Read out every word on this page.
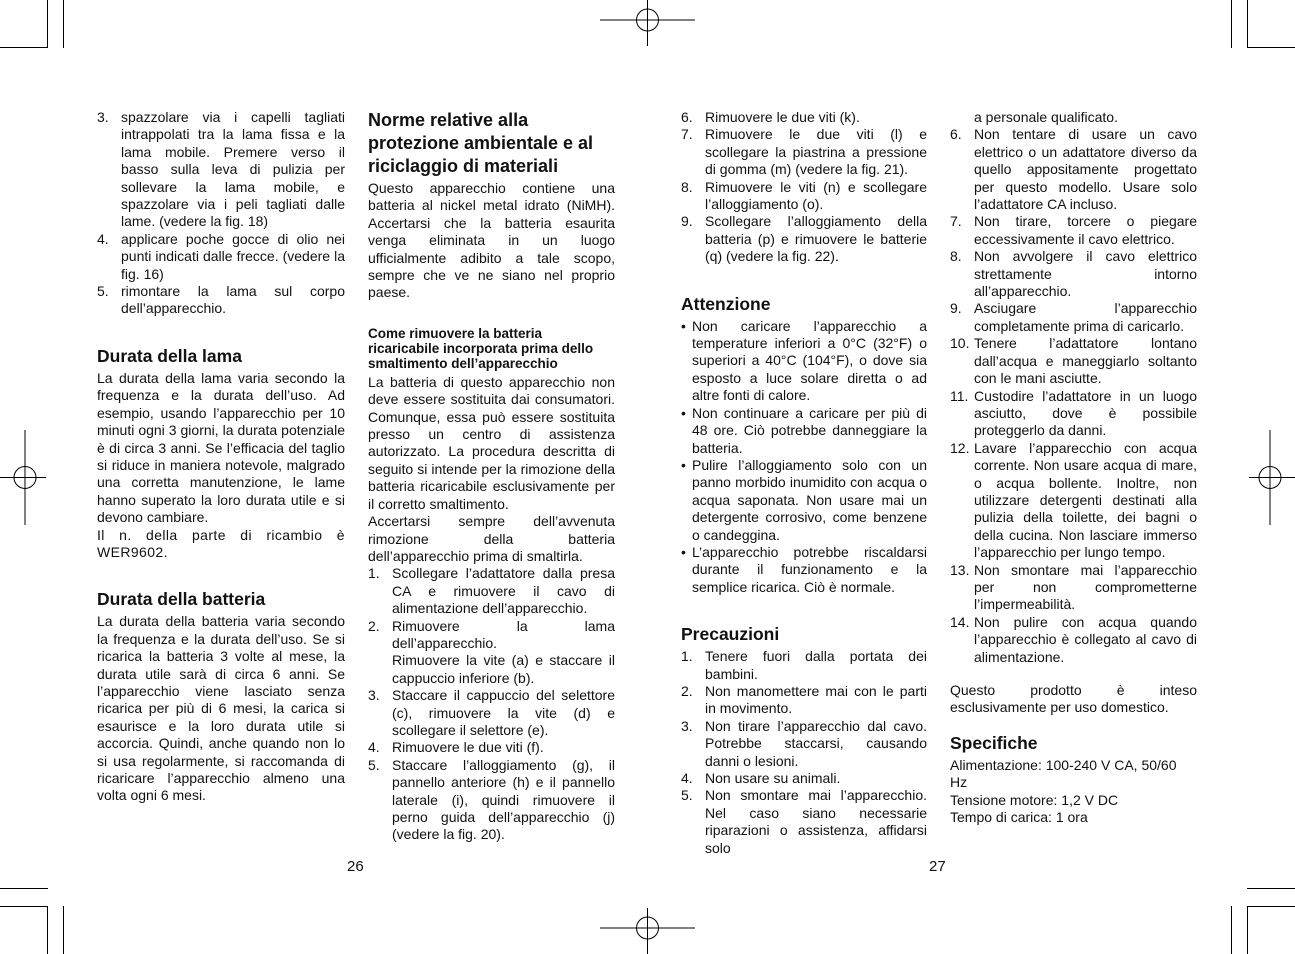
3. spazzolare via i capelli tagliati intrappolati tra la lama fissa e la lama mobile. Premere verso il basso sulla leva di pulizia per sollevare la lama mobile, e spazzolare via i peli tagliati dalle lame. (vedere la fig. 18)
4. applicare poche gocce di olio nei punti indicati dalle frecce. (vedere la fig. 16)
5. rimontare la lama sul corpo dell’apparecchio.
Durata della lama

La durata della lama varia secondo la frequenza e la durata dell’uso. Ad esempio, usando l’apparecchio per 10 minuti ogni 3 giorni, la durata potenziale è di circa 3 anni. Se l’efficacia del taglio si riduce in maniera notevole, malgrado una corretta manutenzione, le lame hanno superato la loro durata utile e si devono cambiare.

Il n. della parte di ricambio è WER9602.

Durata della batteria

La durata della batteria varia secondo la frequenza e la durata dell’uso. Se si ricarica la batteria 3 volte al mese, la durata utile sarà di circa 6 anni. Se l’apparecchio viene lasciato senza ricarica per più di 6 mesi, la carica si esaurisce e la loro durata utile si accorcia. Quindi, anche quando non lo si usa regolarmente, si raccomanda di ricaricare l’apparecchio almeno una volta ogni 6 mesi.

Norme relative alla protezione ambientale e al riciclaggio di materiali

Questo apparecchio contiene una batteria al nickel metal idrato (NiMH). Accertarsi che la batteria esaurita venga eliminata in un luogo ufficialmente adibito a tale scopo, sempre che ve ne siano nel proprio paese.

Come rimuovere la batteria ricaricabile incorporata prima dello smaltimento dell’apparecchio

La batteria di questo apparecchio non deve essere sostituita dai consumatori. Comunque, essa può essere sostituita presso un centro di assistenza autorizzato. La procedura descritta di seguito si intende per la rimozione della batteria ricaricabile esclusivamente per il corretto smaltimento.

Accertarsi sempre dell’avvenuta rimozione della batteria dell’apparecchio prima di smaltirla.

1. Scollegare l’adattatore dalla presa CA e rimuovere il cavo di alimentazione dell’apparecchio.
2. Rimuovere la lama dell’apparecchio.
Rimuovere la vite (a) e staccare il cappuccio inferiore (b).
3. Staccare il cappuccio del selettore (c), rimuovere la vite (d) e scollegare il selettore (e).
4. Rimuovere le due viti (f).
5. Staccare l’alloggiamento (g), il pannello anteriore (h) e il pannello laterale (i), quindi rimuovere il perno guida dell’apparecchio (j) (vedere la fig. 20).
26
6. Rimuovere le due viti (k).
7. Rimuovere le due viti (l) e scollegare la piastrina a pressione di gomma (m) (vedere la fig. 21).
8. Rimuovere le viti (n) e scollegare l’alloggiamento (o).
9. Scollegare l’alloggiamento della batteria (p) e rimuovere le batterie (q) (vedere la fig. 22).
Attenzione
• Non caricare l’apparecchio a temperature inferiori a 0°C (32°F) o superiori a 40°C (104°F), o dove sia esposto a luce solare diretta o ad altre fonti di calore.
• Non continuare a caricare per più di 48 ore. Ciò potrebbe danneggiare la batteria.
• Pulire l’alloggiamento solo con un panno morbido inumidito con acqua o acqua saponata. Non usare mai un detergente corrosivo, come benzene o candeggina.
• L’apparecchio potrebbe riscaldarsi durante il funzionamento e la semplice ricarica. Ciò è normale.
Precauzioni
1. Tenere fuori dalla portata dei bambini.
2. Non manomettere mai con le parti in movimento.
3. Non tirare l’apparecchio dal cavo. Potrebbe staccarsi, causando danni o lesioni.
4. Non usare su animali.
5. Non smontare mai l’apparecchio. Nel caso siano necessarie riparazioni o assistenza, affidarsi solo
a personale qualificato.
6. Non tentare di usare un cavo elettrico o un adattatore diverso da quello appositamente progettato per questo modello. Usare solo l’adattatore CA incluso.
7. Non tirare, torcere o piegare eccessivamente il cavo elettrico.
8. Non avvolgere il cavo elettrico strettamente intorno all’apparecchio.
9. Asciugare l’apparecchio completamente prima di caricarlo.
10. Tenere l’adattatore lontano dall’acqua e maneggiarlo soltanto con le mani asciutte.
11. Custodire l’adattatore in un luogo asciutto, dove è possibile proteggerlo da danni.
12. Lavare l’apparecchio con acqua corrente. Non usare acqua di mare, o acqua bollente. Inoltre, non utilizzare detergenti destinati alla pulizia della toilette, dei bagni o della cucina. Non lasciare immerso l’apparecchio per lungo tempo.
13. Non smontare mai l’apparecchio per non comprometterne l’impermeabilità.
14. Non pulire con acqua quando l’apparecchio è collegato al cavo di alimentazione.

Questo prodotto è inteso esclusivamente per uso domestico.

Specifiche

Alimentazione: 100-240 V CA, 50/60 Hz

Tensione motore: 1,2 V DC

Tempo di carica: 1 ora

27
